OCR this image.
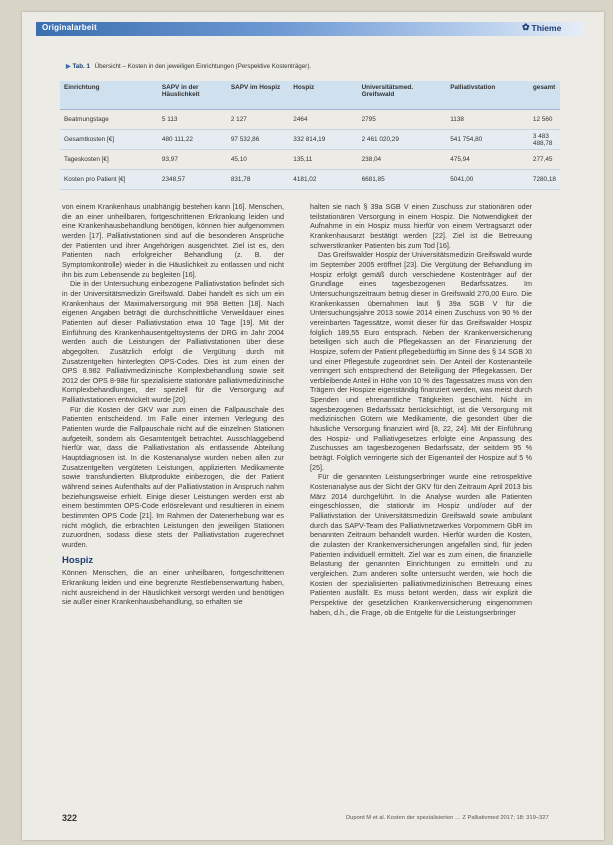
Originalarbeit	✿ Thieme
▶ Tab. 1 Übersicht – Kosten in den jeweiligen Einrichtungen (Perspektive Kostenträger).
Einrichtung	SAPV in der Häuslichkeit	SAPV im Hospiz	Hospiz	Universitätsmed. Greifswald	Palliativstation	gesamt
Beatmungstage	5 113	2 127	2464	2795	1138	12 560
Gesamtkosten [€]	480 111,22	97 532,86	332 814,19	2 461 020,29	541 754,80	3 483 488,78
Tageskosten [€]	93,97	45,10	135,11	238,04	475,94	277,45
Kosten pro Patient [€]	2348,57	831,78	4181,02	6681,85	5041,00	7280,18

von einem Krankenhaus unabhängig bestehen kann [16]. Menschen, die an einer unheilbaren, fortgeschrittenen Erkrankung leiden und eine Krankenhausbehandlung benötigen, können hier aufgenommen werden [17]. Palliativstationen sind auf die besonderen Ansprüche der Patienten und ihrer Angehörigen ausgerichtet. Ziel ist es, den Patienten nach erfolgreicher Behandlung (z. B. der Symptomkontrolle) wieder in die Häuslichkeit zu entlassen und nicht ihn bis zum Lebensende zu begleiten [16].

Die in der Untersuchung einbezogene Palliativstation befindet sich in der Universitätsmedizin Greifswald. Dabei handelt es sich um ein Krankenhaus der Maximalversorgung mit 958 Betten [18]. Nach eigenen Angaben beträgt die durchschnittliche Verweildauer eines Patienten auf dieser Palliativstation etwa 10 Tage [19]. Mit der Einführung des Krankenhausentgeltsystems der DRG im Jahr 2004 werden auch die Leistungen der Palliativstationen über diese abgegolten. Zusätzlich erfolgt die Vergütung durch mit Zusatzentgelten hinterlegten OPS-Codes. Dies ist zum einen der OPS 8.982 Palliativmedizinische Komplexbehandlung sowie seit 2012 der OPS 8-98e für spezialisierte stationäre palliativmedizinische Komplexbehandlungen, der speziell für die Versorgung auf Palliativstationen entwickelt wurde [20].

Für die Kosten der GKV war zum einen die Fallpauschale des Patienten entscheidend. Im Falle einer internen Verlegung des Patienten wurde die Fallpauschale nicht auf die einzelnen Stationen aufgeteilt, sondern als Gesamtentgelt betrachtet. Ausschlaggebend hierfür war, dass die Palliativstation als entlassende Abteilung Hauptdiagnosen ist. In die Kostenanalyse wurden neben allen zur Zusatzentgelten vergüteten Leistungen, applizierten Medikamente sowie transfundierten Blutprodukte einbezogen, die der Patient während seines Aufenthalts auf der Palliativstation in Anspruch nahm beziehungsweise erhielt. Einige dieser Leistungen werden erst ab einem bestimmten OPS-Code erlösrelevant und resultieren in einem bestimmten OPS Code [21]. Im Rahmen der Datenerhebung war es nicht möglich, die erbrachten Leistungen den jeweiligen Stationen zuzuordnen, sodass diese stets der Palliativstation zugerechnet wurden.

Hospiz

Können Menschen, die an einer unheilbaren, fortgeschrittenen Erkrankung leiden und eine begrenzte Restlebenserwartung haben, nicht ausreichend in der Häuslichkeit versorgt werden und benötigen sie außer einer Krankenhausbehandlung, so erhalten sie

halten sie nach § 39a SGB V einen Zuschuss zur stationären oder teilstationären Versorgung in einem Hospiz. Die Notwendigkeit der Aufnahme in ein Hospiz muss hierfür von einem Vertragsarzt oder Krankenhausarzt bestätigt werden [22]. Ziel ist die Betreuung schwerstkranker Patienten bis zum Tod [16].

Das Greifswalder Hospiz der Universitätsmedizin Greifswald wurde im September 2005 eröffnet [23]. Die Vergütung der Behandlung im Hospiz erfolgt gemäß durch verschiedene Kostenträger auf der Grundlage eines tagesbezogenen Bedarfssatzes. Im Untersuchungszeitraum betrug dieser in Greifswald 270,00 Euro. Die Krankenkassen übernahmen laut § 39a SGB V für die Untersuchungsjahre 2013 sowie 2014 einen Zuschuss von 90 % der vereinbarten Tagessätze, womit dieser für das Greifswalder Hospiz folglich 189,55 Euro entsprach. Neben der Krankenversicherung beteiligen sich auch die Pflegekassen an der Finanzierung der Hospize, sofern der Patient pflegebedürftig im Sinne des § 14 SGB XI und einer Pflegestufe zugeordnet sein. Der Anteil der Kostenanteile verringert sich entsprechend der Beteiligung der Pflegekassen. Der verbleibende Anteil in Höhe von 10 % des Tagessatzes muss von den Trägern der Hospize eigenständig finanziert werden, was meist durch Spenden und ehrenamtliche Tätigkeiten geschieht. Nicht im tagesbezogenen Bedarfssatz berücksichtigt, ist die Versorgung mit medizinischen Gütern wie Medikamente, die gesondert über die häusliche Versorgung finanziert wird [8, 22, 24]. Mit der Einführung des Hospiz- und Palliativgesetzes erfolgte eine Anpassung des Zuschusses am tagesbezogenen Bedarfssatz, der seitdem 95 % beträgt. Folglich verringerte sich der Eigenanteil der Hospize auf 5 % [25].

Für die genannten Leistungserbringer wurde eine retrospektive Kostenanalyse aus der Sicht der GKV für den Zeitraum April 2013 bis März 2014 durchgeführt. In die Analyse wurden alle Patienten eingeschlossen, die stationär im Hospiz und/oder auf der Palliativstation der Universitätsmedizin Greifswald sowie ambulant durch das SAPV-Team des Palliativnetzwerkes Vorpommern GbR im benannten Zeitraum behandelt wurden. Hierfür wurden die Kosten, die zulasten der Krankenversicherungen angefallen sind, für jeden Patienten individuell ermittelt. Ziel war es zum einen, die finanzielle Belastung der genannten Einrichtungen zu ermitteln und zu vergleichen. Zum anderen sollte untersucht werden, wie hoch die Kosten der spezialisierten palliativmedizinischen Betreuung eines Patienten ausfällt. Es muss betont werden, dass wir explizit die Perspektive der gesetzlichen Krankenversicherung eingenommen haben, d.h., die Frage, ob die Entgelte für die Leistungserbringer

322	Dupont M et al. Kosten der spezialisierten … Z Palliativmed 2017; 18: 319–327
